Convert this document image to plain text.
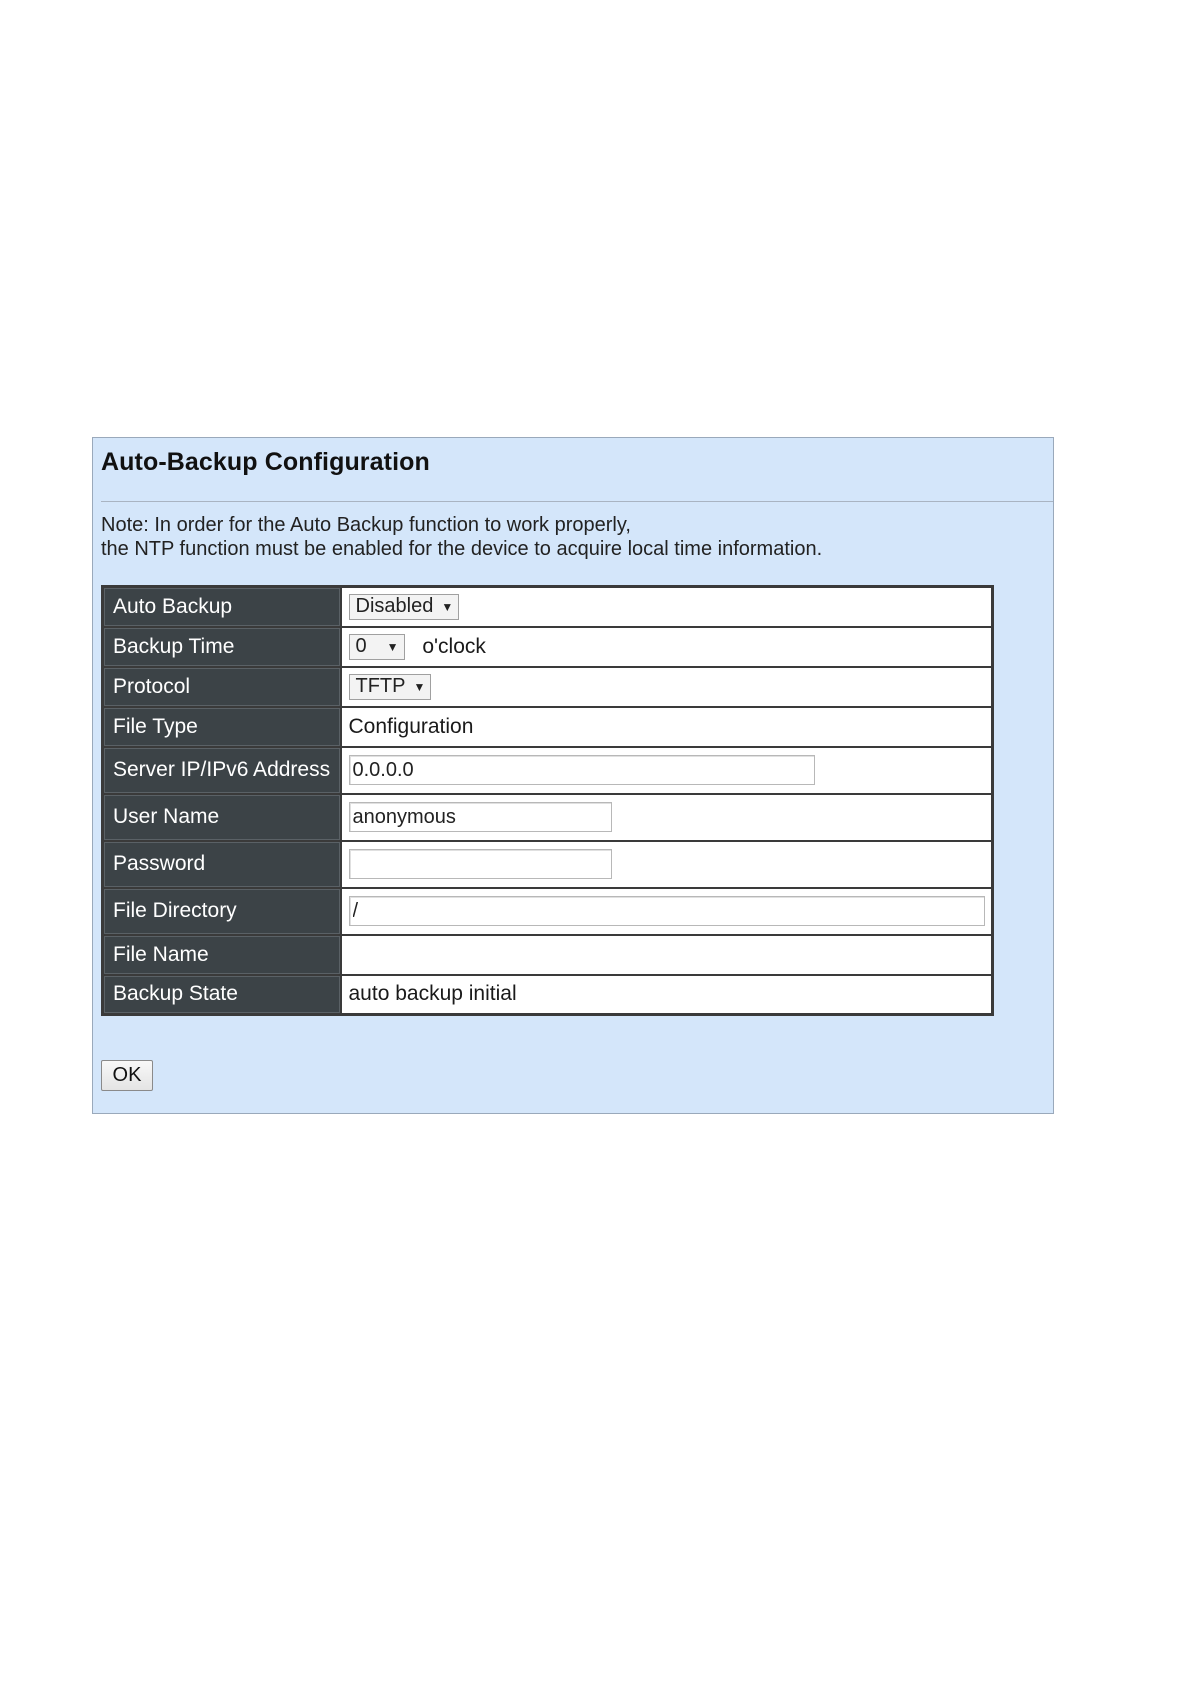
Auto-Backup Configuration
Note: In order for the Auto Backup function to work properly,
the NTP function must be enabled for the device to acquire local time information.
Auto Backup	Disabled ▼

Backup Time	0 ▼ o'clock
Protocol	TFTP ▼

File Type	Configuration
Server IP/IPv6 Address	0.0.0.0
User Name	anonymous
Password	
File Directory	/
File Name	
Backup State	auto backup initial
OK
